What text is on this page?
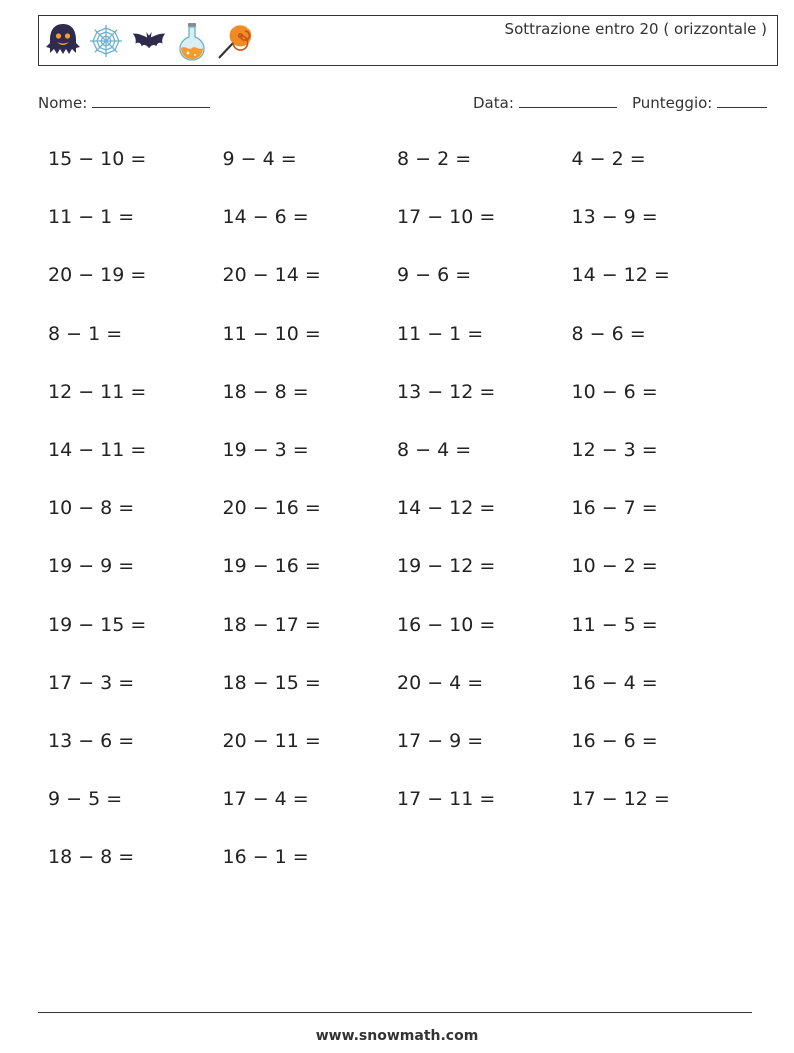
Sottrazione entro 20 ( orizzontale )
Nome:	Data:	Punteggio:
15 − 10 =	9 − 4 =	8 − 2 =	4 − 2 =
11 − 1 =	14 − 6 =	17 − 10 =	13 − 9 =
20 − 19 =	20 − 14 =	9 − 6 =	14 − 12 =
8 − 1 =	11 − 10 =	11 − 1 =	8 − 6 =
12 − 11 =	18 − 8 =	13 − 12 =	10 − 6 =
14 − 11 =	19 − 3 =	8 − 4 =	12 − 3 =
10 − 8 =	20 − 16 =	14 − 12 =	16 − 7 =
19 − 9 =	19 − 16 =	19 − 12 =	10 − 2 =
19 − 15 =	18 − 17 =	16 − 10 =	11 − 5 =
17 − 3 =	18 − 15 =	20 − 4 =	16 − 4 =
13 − 6 =	20 − 11 =	17 − 9 =	16 − 6 =
9 − 5 =	17 − 4 =	17 − 11 =	17 − 12 =
18 − 8 =	16 − 1 =
www.snowmath.com
